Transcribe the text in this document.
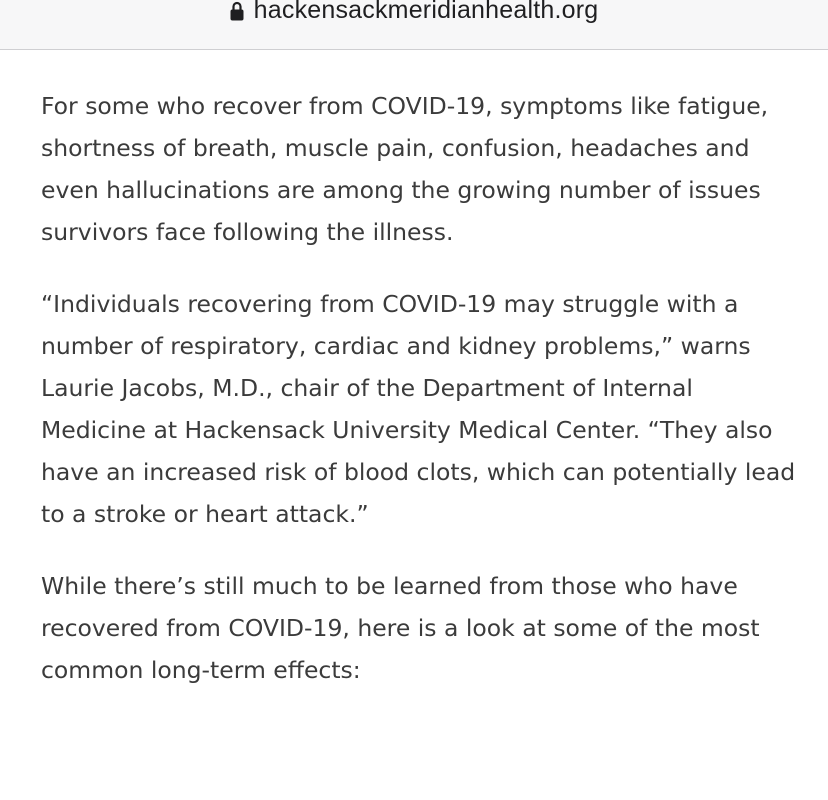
hackensackmeridianhealth.org

For some who recover from COVID-19, symptoms like fatigue, shortness of breath, muscle pain, confusion, headaches and even hallucinations are among the growing number of issues survivors face following the illness.

“Individuals recovering from COVID-19 may struggle with a number of respiratory, cardiac and kidney problems,” warns Laurie Jacobs, M.D., chair of the Department of Internal Medicine at Hackensack University Medical Center. “They also have an increased risk of blood clots, which can potentially lead to a stroke or heart attack.”

While there’s still much to be learned from those who have recovered from COVID-19, here is a look at some of the most common long-term effects:
